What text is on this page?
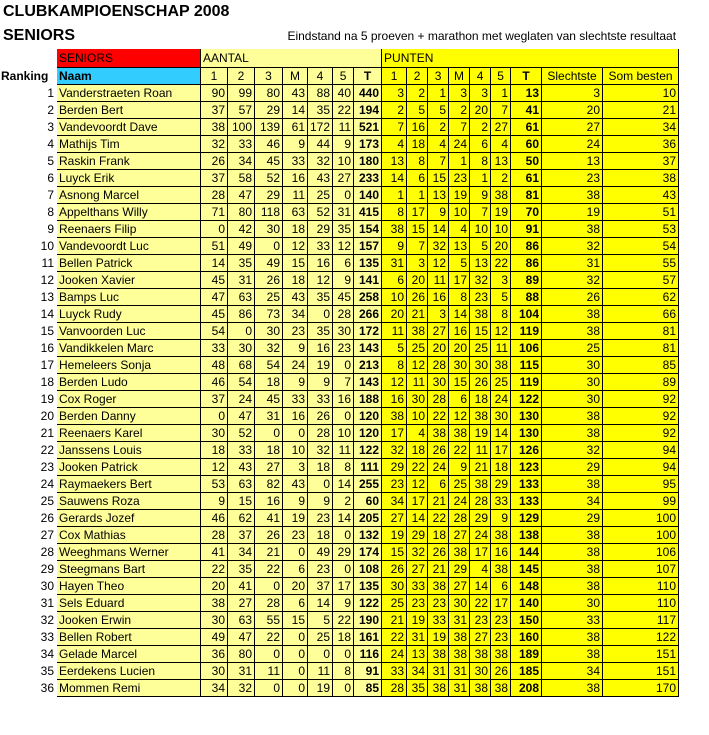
CLUBKAMPIOENSCHAP 2008																	
SENIORS		Eindstand na 5 proeven + marathon met weglaten van slechtste resultaat															
	SENIORS	AANTAL							PUNTEN								
Ranking	Naam	1	2	3	M	4	5	T	1	2	3	M	4	5	T	Slechtste	Som besten

1	Vanderstraeten Roan	90	99	80	43	88	40	440	3	2	1	3	3	1	13	3	10
2	Berden Bert	37	57	29	14	35	22	194	2	5	5	2	20	7	41	20	21
3	Vandevoordt Dave	38	100	139	61	172	11	521	7	16	2	7	2	27	61	27	34
4	Mathijs Tim	32	33	46	9	44	9	173	4	18	4	24	6	4	60	24	36
5	Raskin Frank	26	34	45	33	32	10	180	13	8	7	1	8	13	50	13	37
6	Luyck Erik	37	58	52	16	43	27	233	14	6	15	23	1	2	61	23	38
7	Asnong Marcel	28	47	29	11	25	0	140	1	1	13	19	9	38	81	38	43
8	Appelthans Willy	71	80	118	63	52	31	415	8	17	9	10	7	19	70	19	51
9	Reenaers Filip	0	42	30	18	29	35	154	38	15	14	4	10	10	91	38	53
10	Vandevoordt Luc	51	49	0	12	33	12	157	9	7	32	13	5	20	86	32	54
11	Bellen Patrick	14	35	49	15	16	6	135	31	3	12	5	13	22	86	31	55
12	Jooken Xavier	45	31	26	18	12	9	141	6	20	11	17	32	3	89	32	57
13	Bamps Luc	47	63	25	43	35	45	258	10	26	16	8	23	5	88	26	62
14	Luyck Rudy	45	86	73	34	0	28	266	20	21	3	14	38	8	104	38	66
15	Vanvoorden Luc	54	0	30	23	35	30	172	11	38	27	16	15	12	119	38	81
16	Vandikkelen Marc	33	30	32	9	16	23	143	5	25	20	20	25	11	106	25	81
17	Hemeleers Sonja	48	68	54	24	19	0	213	8	12	28	30	30	38	115	30	85
18	Berden Ludo	46	54	18	9	9	7	143	12	11	30	15	26	25	119	30	89
19	Cox Roger	37	24	45	33	33	16	188	16	30	28	6	18	24	122	30	92
20	Berden Danny	0	47	31	16	26	0	120	38	10	22	12	38	30	130	38	92
21	Reenaers Karel	30	52	0	0	28	10	120	17	4	38	38	19	14	130	38	92
22	Janssens Louis	18	33	18	10	32	11	122	32	18	26	22	11	17	126	32	94
23	Jooken Patrick	12	43	27	3	18	8	111	29	22	24	9	21	18	123	29	94
24	Raymaekers Bert	53	63	82	43	0	14	255	23	12	6	25	38	29	133	38	95
25	Sauwens Roza	9	15	16	9	9	2	60	34	17	21	24	28	33	133	34	99
26	Gerards Jozef	46	62	41	19	23	14	205	27	14	22	28	29	9	129	29	100
27	Cox Mathias	28	37	26	23	18	0	132	19	29	18	27	24	38	138	38	100
28	Weeghmans Werner	41	34	21	0	49	29	174	15	32	26	38	17	16	144	38	106
29	Steegmans Bart	22	35	22	6	23	0	108	26	27	21	29	4	38	145	38	107
30	Hayen Theo	20	41	0	20	37	17	135	30	33	38	27	14	6	148	38	110
31	Sels Eduard	38	27	28	6	14	9	122	25	23	23	30	22	17	140	30	110
32	Jooken Erwin	30	63	55	15	5	22	190	21	19	33	31	23	23	150	33	117
33	Bellen Robert	49	47	22	0	25	18	161	22	31	19	38	27	23	160	38	122
34	Gelade Marcel	36	80	0	0	0	0	116	24	13	38	38	38	38	189	38	151
35	Eerdekens Lucien	30	31	11	0	11	8	91	33	34	31	31	30	26	185	34	151
36	Mommen Remi	34	32	0	0	19	0	85	28	35	38	31	38	38	208	38	170
